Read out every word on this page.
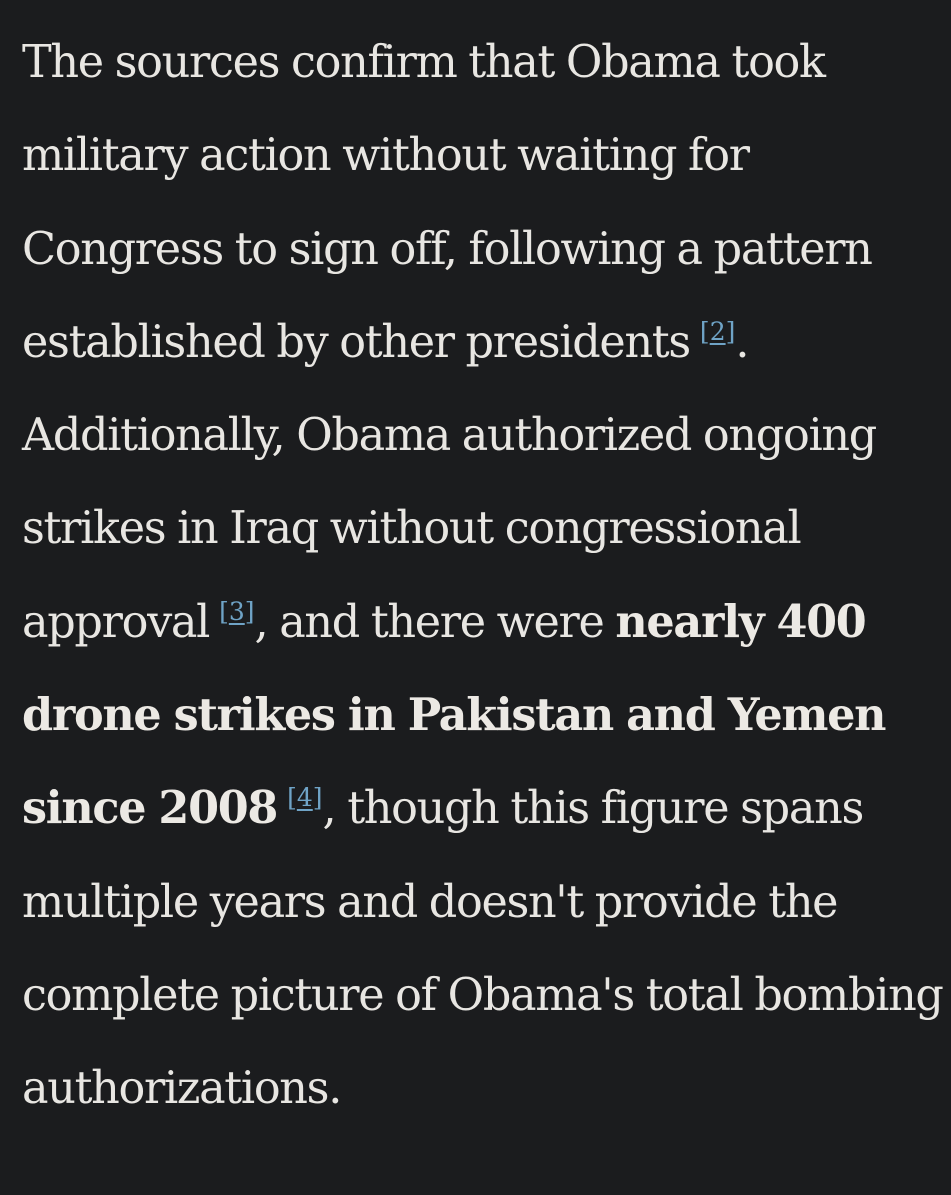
The sources confirm that Obama took military action without waiting for Congress to sign off, following a pattern established by other presidents [2]. Additionally, Obama authorized ongoing strikes in Iraq without congressional approval [3], and there were nearly 400 drone strikes in Pakistan and Yemen since 2008 [4], though this figure spans multiple years and doesn't provide the complete picture of Obama's total bombing authorizations.
